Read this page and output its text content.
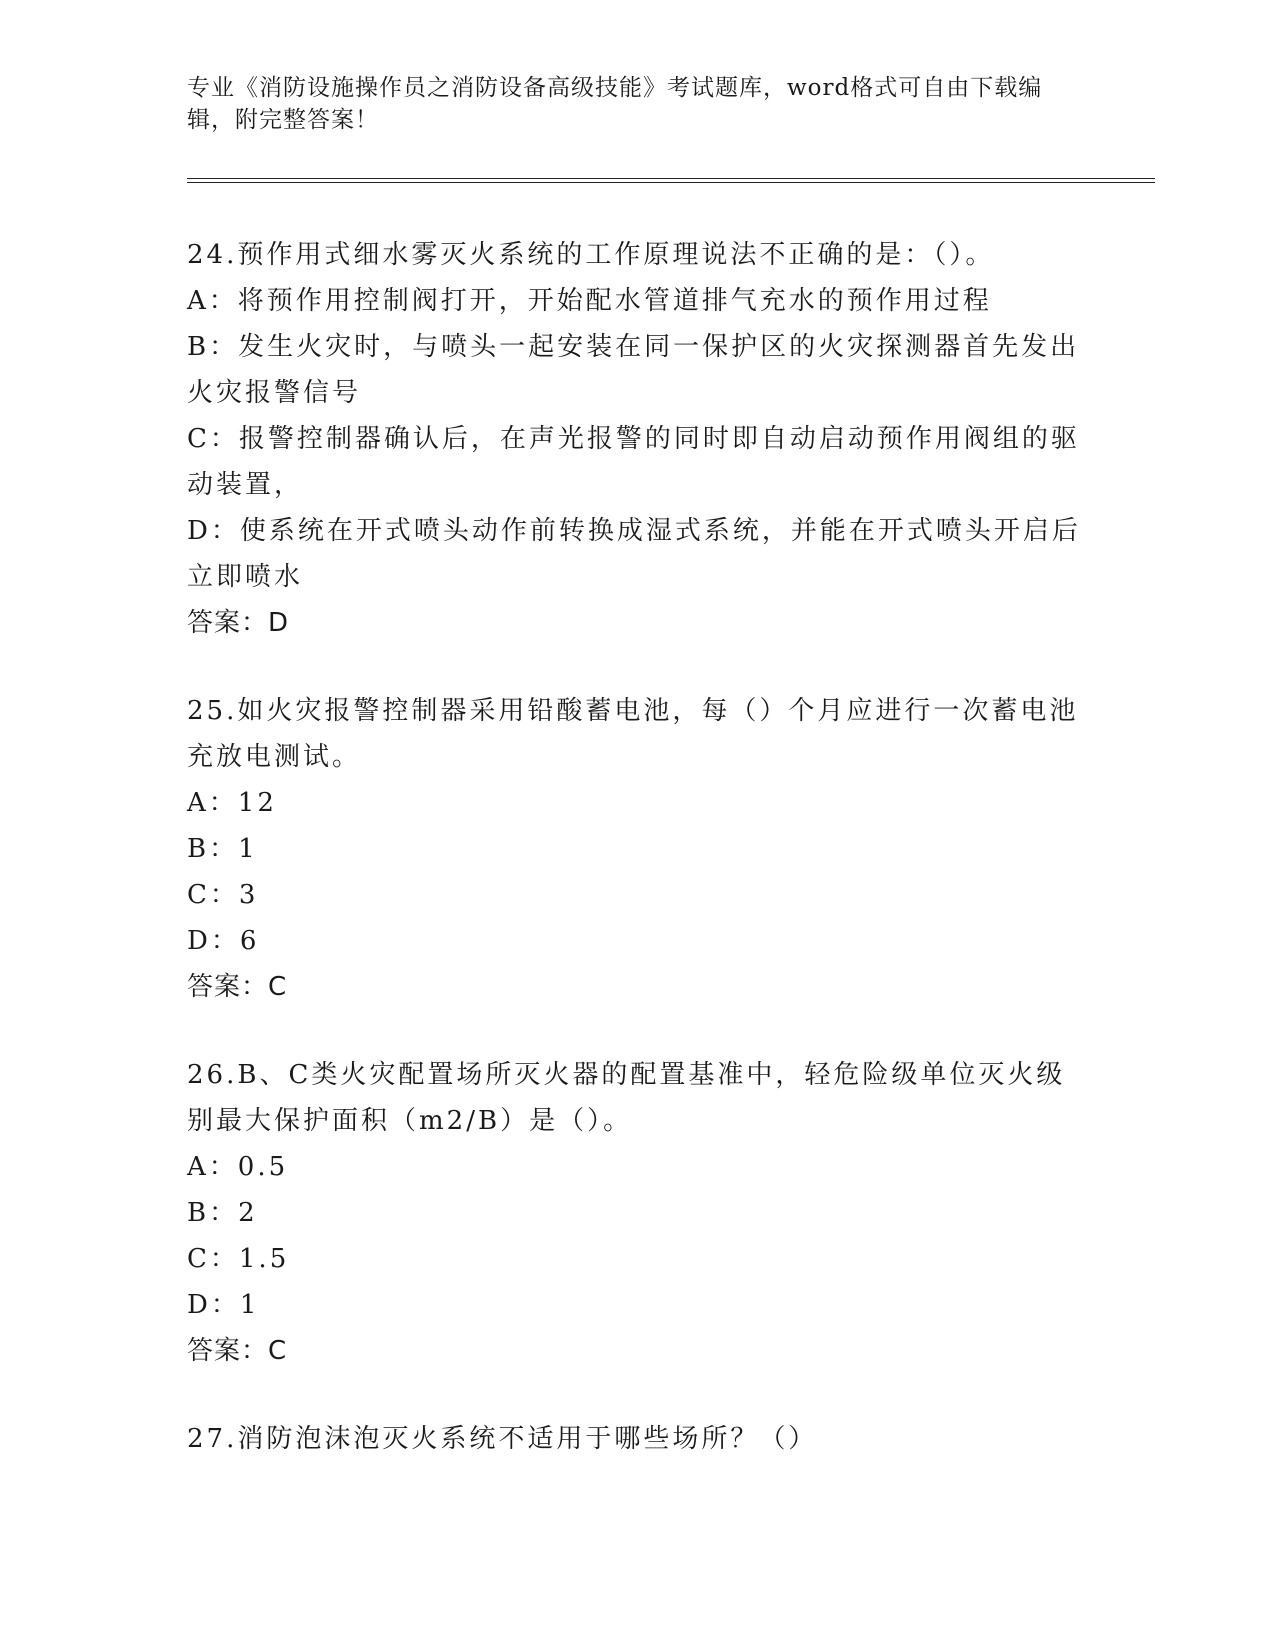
专业《消防设施操作员之消防设备高级技能》考试题库，word格式可自由下载编辑，附完整答案！
24.预作用式细水雾灭火系统的工作原理说法不正确的是：（）。
A：将预作用控制阀打开，开始配水管道排气充水的预作用过程
B：发生火灾时，与喷头一起安装在同一保护区的火灾探测器首先发出火灾报警信号
C：报警控制器确认后，在声光报警的同时即自动启动预作用阀组的驱动装置，
D：使系统在开式喷头动作前转换成湿式系统，并能在开式喷头开启后立即喷水
答案：D
25.如火灾报警控制器采用铅酸蓄电池，每（）个月应进行一次蓄电池充放电测试。
A：12
B：1
C：3
D：6
答案：C
26.B、C类火灾配置场所灭火器的配置基准中，轻危险级单位灭火级别最大保护面积（m2/B）是（）。
A：0.5
B：2
C：1.5
D：1
答案：C
27.消防泡沫泡灭火系统不适用于哪些场所？（）
